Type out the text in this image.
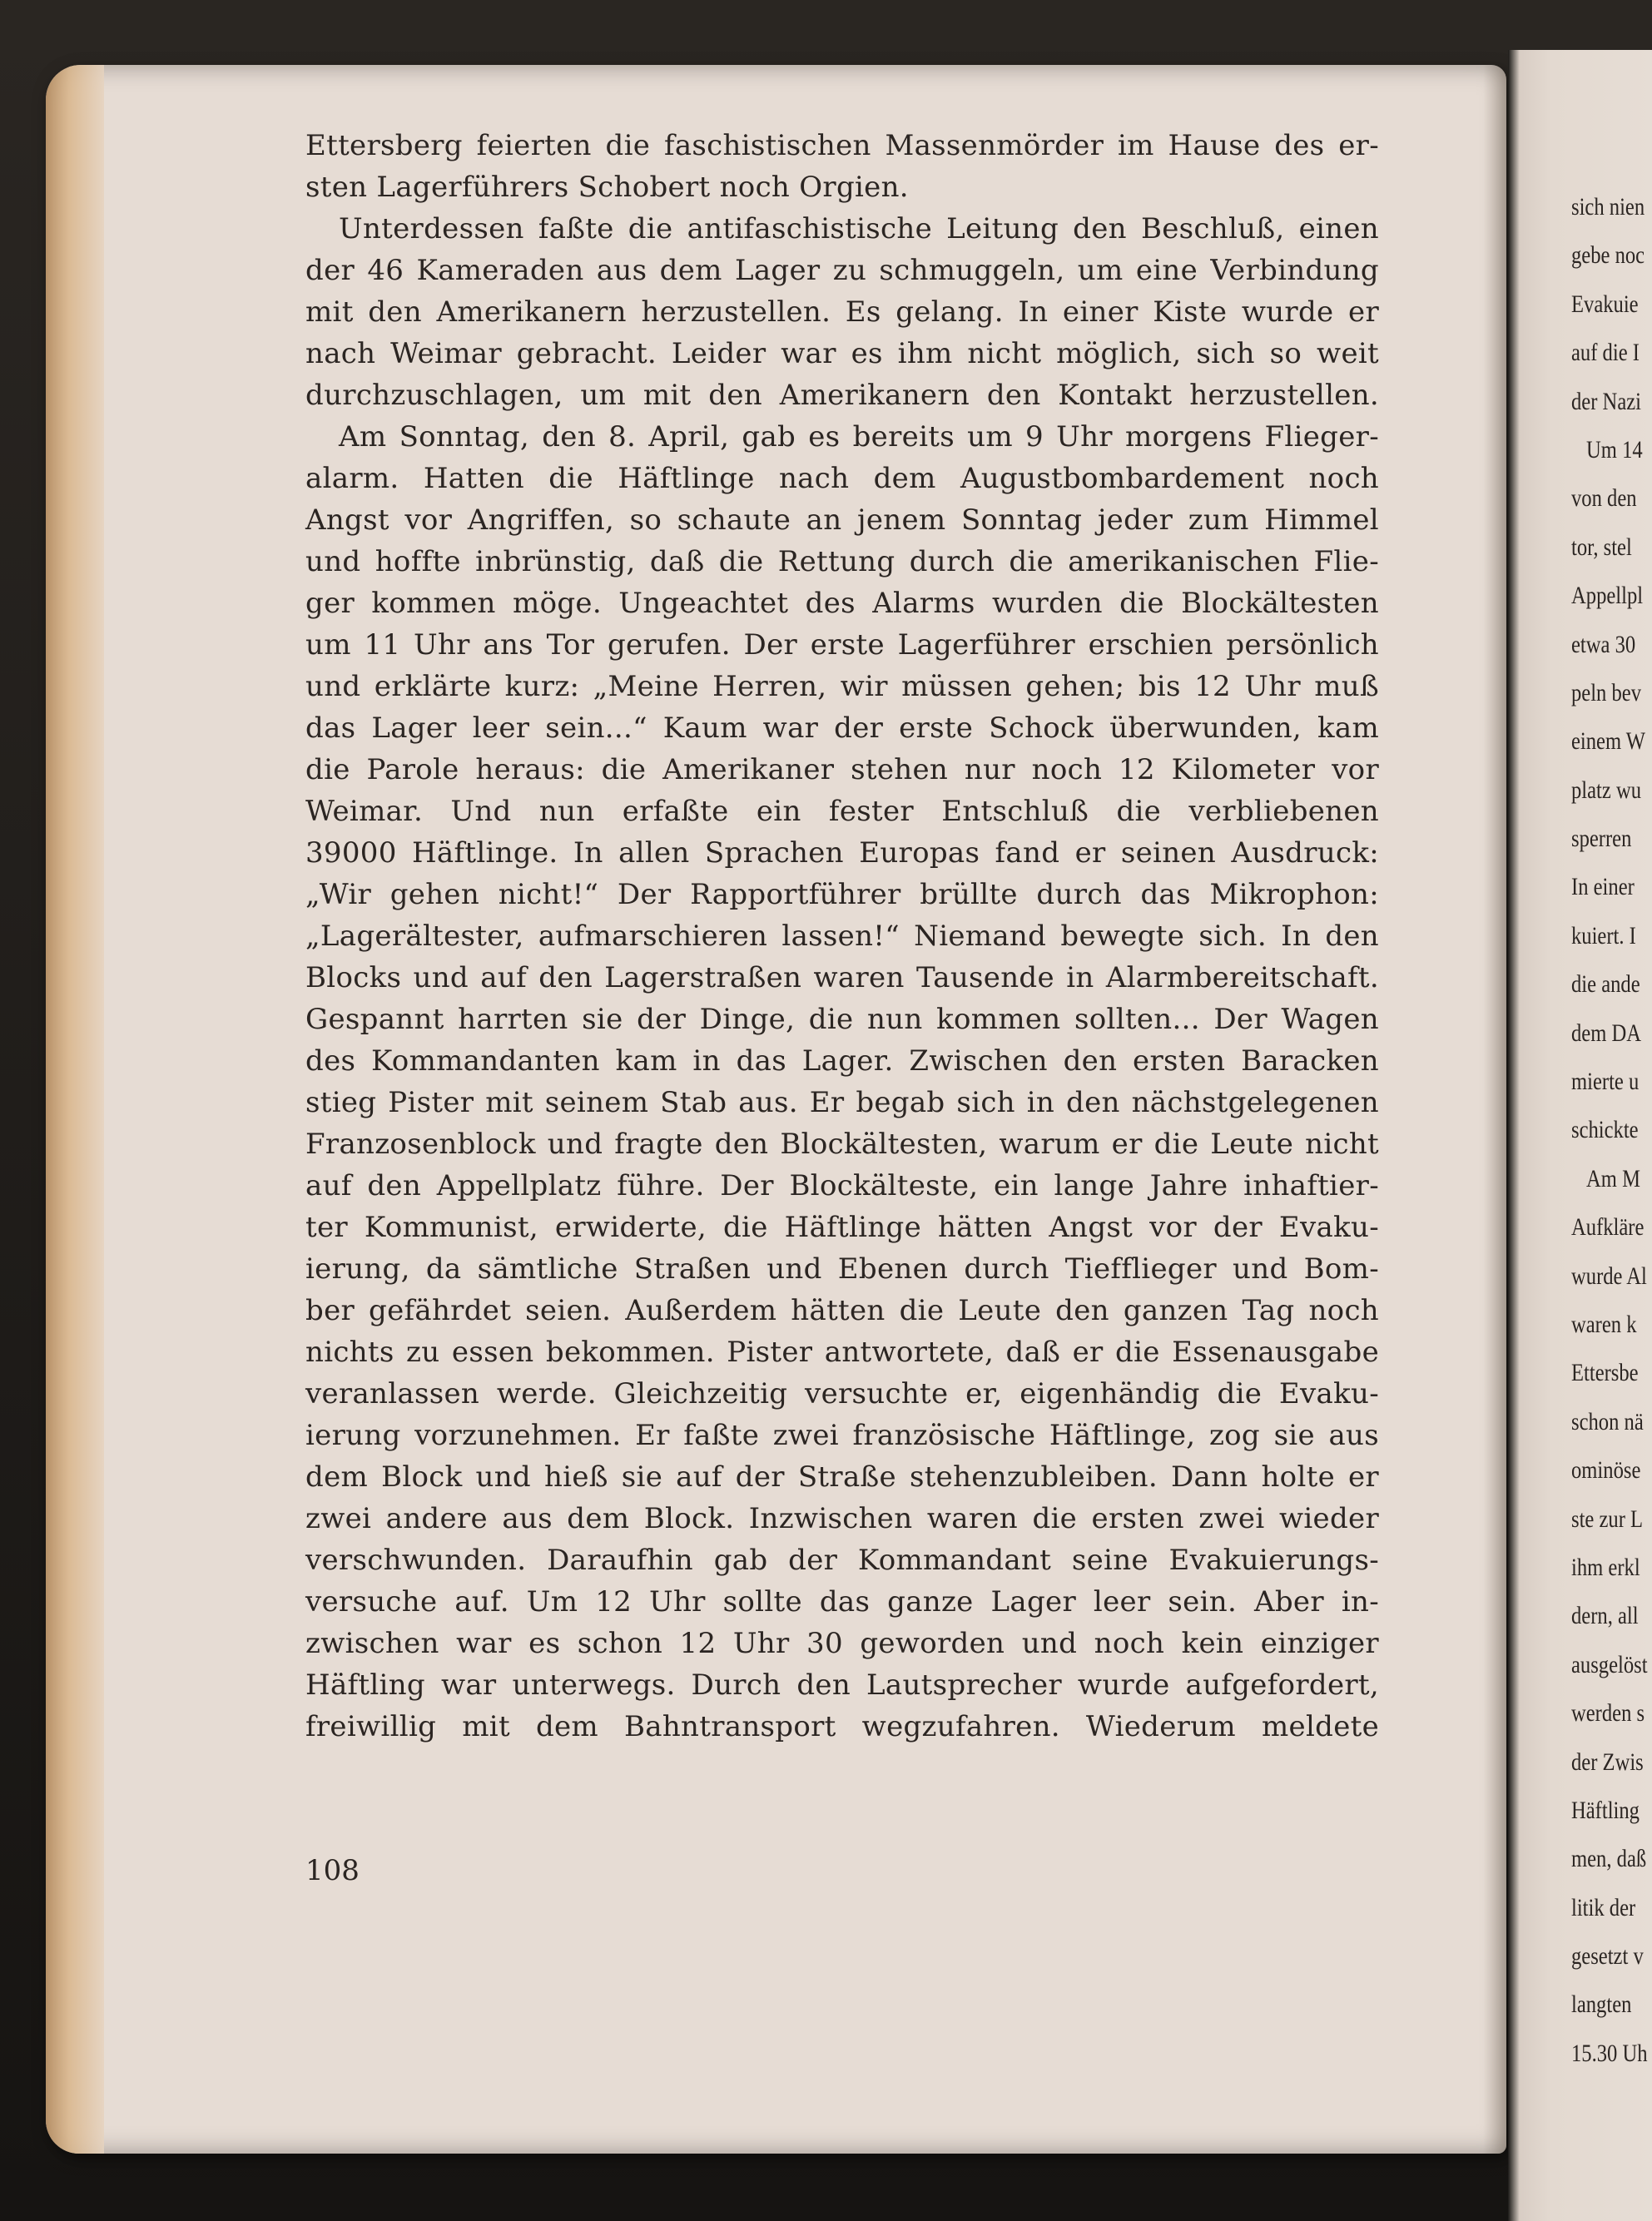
Ettersberg feierten die faschistischen Massenmörder im Hause des er-
sten Lagerführers Schobert noch Orgien.
Unterdessen faßte die antifaschistische Leitung den Beschluß, einen
der 46 Kameraden aus dem Lager zu schmuggeln, um eine Verbindung
mit den Amerikanern herzustellen. Es gelang. In einer Kiste wurde er
nach Weimar gebracht. Leider war es ihm nicht möglich, sich so weit
durchzuschlagen, um mit den Amerikanern den Kontakt herzustellen.
Am Sonntag, den 8. April, gab es bereits um 9 Uhr morgens Flieger-
alarm. Hatten die Häftlinge nach dem Augustbombardement noch
Angst vor Angriffen, so schaute an jenem Sonntag jeder zum Himmel
und hoffte inbrünstig, daß die Rettung durch die amerikanischen Flie-
ger kommen möge. Ungeachtet des Alarms wurden die Blockältesten
um 11 Uhr ans Tor gerufen. Der erste Lagerführer erschien persönlich
und erklärte kurz: „Meine Herren, wir müssen gehen; bis 12 Uhr muß
das Lager leer sein...“ Kaum war der erste Schock überwunden, kam
die Parole heraus: die Amerikaner stehen nur noch 12 Kilometer vor
Weimar. Und nun erfaßte ein fester Entschluß die verbliebenen
39000 Häftlinge. In allen Sprachen Europas fand er seinen Ausdruck:
„Wir gehen nicht!“ Der Rapportführer brüllte durch das Mikrophon:
„Lagerältester, aufmarschieren lassen!“ Niemand bewegte sich. In den
Blocks und auf den Lagerstraßen waren Tausende in Alarmbereitschaft.
Gespannt harrten sie der Dinge, die nun kommen sollten... Der Wagen
des Kommandanten kam in das Lager. Zwischen den ersten Baracken
stieg Pister mit seinem Stab aus. Er begab sich in den nächstgelegenen
Franzosenblock und fragte den Blockältesten, warum er die Leute nicht
auf den Appellplatz führe. Der Blockälteste, ein lange Jahre inhaftier-
ter Kommunist, erwiderte, die Häftlinge hätten Angst vor der Evaku-
ierung, da sämtliche Straßen und Ebenen durch Tiefflieger und Bom-
ber gefährdet seien. Außerdem hätten die Leute den ganzen Tag noch
nichts zu essen bekommen. Pister antwortete, daß er die Essenausgabe
veranlassen werde. Gleichzeitig versuchte er, eigenhändig die Evaku-
ierung vorzunehmen. Er faßte zwei französische Häftlinge, zog sie aus
dem Block und hieß sie auf der Straße stehenzubleiben. Dann holte er
zwei andere aus dem Block. Inzwischen waren die ersten zwei wieder
verschwunden. Daraufhin gab der Kommandant seine Evakuierungs-
versuche auf. Um 12 Uhr sollte das ganze Lager leer sein. Aber in-
zwischen war es schon 12 Uhr 30 geworden und noch kein einziger
Häftling war unterwegs. Durch den Lautsprecher wurde aufgefordert,
freiwillig mit dem Bahntransport wegzufahren. Wiederum meldete
108
sich nien
gebe noc
Evakuie
auf die I
der Nazi
Um 14
von den
tor, stel
Appellpl
etwa 30
peln bev
einem W
platz wu
sperren
In einer
kuiert. I
die ande
dem DA
mierte u
schickte
Am M
Aufkläre
wurde Al
waren k
Ettersbe
schon nä
ominöse
ste zur L
ihm erkl
dern, all
ausgelöst
werden s
der Zwis
Häftling
men, daß
litik der
gesetzt v
langten
15.30 Uh
